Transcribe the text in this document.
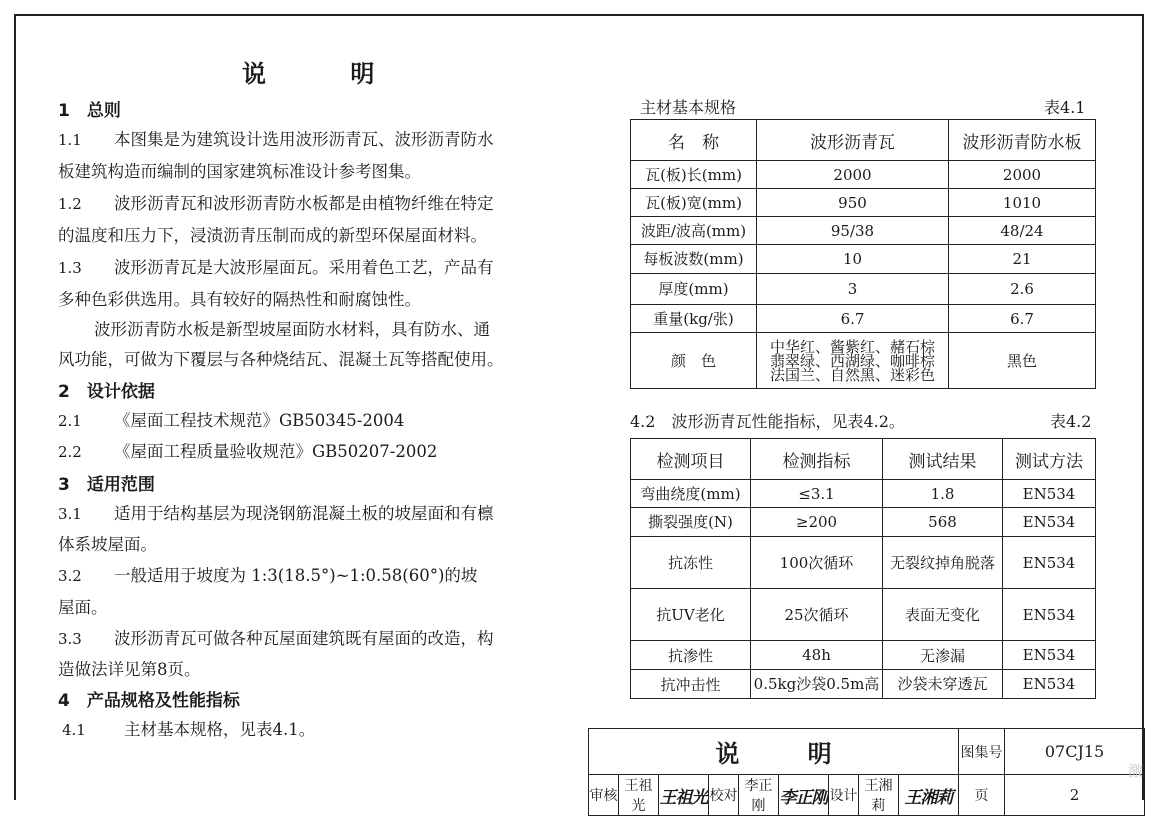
说 明
1　总则
1.1 本图集是为建筑设计选用波形沥青瓦、波形沥青防水
板建筑构造而编制的国家建筑标准设计参考图集。
1.2 波形沥青瓦和波形沥青防水板都是由植物纤维在特定
的温度和压力下，浸渍沥青压制而成的新型环保屋面材料。
1.3 波形沥青瓦是大波形屋面瓦。采用着色工艺，产品有
多种色彩供选用。具有较好的隔热性和耐腐蚀性。
波形沥青防水板是新型坡屋面防水材料，具有防水、通
风功能，可做为下覆层与各种烧结瓦、混凝土瓦等搭配使用。
2　设计依据
2.1 《屋面工程技术规范》GB50345-2004
2.2 《屋面工程质量验收规范》GB50207-2002
3　适用范围
3.1 适用于结构基层为现浇钢筋混凝土板的坡屋面和有檩
体系坡屋面。
3.2 一般适用于坡度为 1:3(18.5°)~1:0.58(60°)的坡
屋面。
3.3 波形沥青瓦可做各种瓦屋面建筑既有屋面的改造，构
造做法详见第8页。
4　产品规格及性能指标
4.1 主材基本规格，见表4.1。
主材基本规格	表4.1
名　称	波形沥青瓦	波形沥青防水板
瓦(板)长(mm)	2000	2000
瓦(板)宽(mm)	950	1010
波距/波高(mm)	95/38	48/24
每板波数(mm)	10	21
厚度(mm)	3	2.6
重量(kg/张)	6.7	6.7
颜　色	中华红、酱紫红、赭石棕
翡翠绿、西湖绿、咖啡棕
法国兰、自然黑、迷彩色	黑色
4.2　波形沥青瓦性能指标，见表4.2。	表4.2
检测项目	检测指标	测试结果	测试方法
弯曲绕度(mm)	≤3.1	1.8	EN534
撕裂强度(N)	≥200	568	EN534
抗冻性	100次循环	无裂纹掉角脱落	EN534
抗UV老化	25次循环	表面无变化	EN534
抗渗性	48h	无渗漏	EN534
抗冲击性	0.5kg沙袋0.5m高	沙袋未穿透瓦	EN534
说 明									图集号	07CJ15
审核	王祖光	王祖光	校对	李正刚	李正刚	设计	王湘莉	王湘莉	页	2
激
